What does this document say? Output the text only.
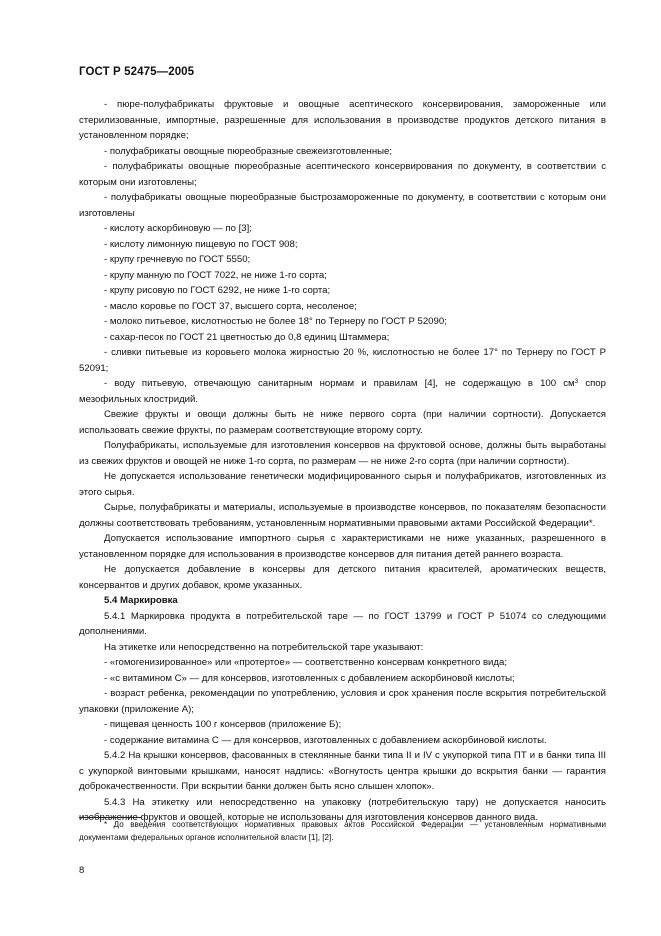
ГОСТ Р 52475—2005

- пюре-полуфабрикаты фруктовые и овощные асептического консервирования, замороженные или стерилизованные, импортные, разрешенные для использования в производстве продуктов детского питания в установленном порядке;

- полуфабрикаты овощные пюреобразные свежеизготовленные;

- полуфабрикаты овощные пюреобразные асептического консервирования по документу, в соответствии с которым они изготовлены;

- полуфабрикаты овощные пюреобразные быстрозамороженные по документу, в соответствии с которым они изготовлены

- кислоту аскорбиновую — по [3];

- кислоту лимонную пищевую по ГОСТ 908;

- крупу гречневую по ГОСТ 5550;

- крупу манную по ГОСТ 7022, не ниже 1-го сорта;

- крупу рисовую по ГОСТ 6292, не ниже 1-го сорта;

- масло коровье по ГОСТ 37, высшего сорта, несоленое;

- молоко питьевое, кислотностью не более 18° по Тернеру по ГОСТ Р 52090;

- сахар-песок по ГОСТ 21 цветностью до 0,8 единиц Штаммера;

- сливки питьевые из коровьего молока жирностью 20 %, кислотностью не более 17° по Тернеру по ГОСТ Р 52091;

- воду питьевую, отвечающую санитарным нормам и правилам [4], не содержащую в 100 $см^3$ спор мезофильных клостридий.

Свежие фрукты и овощи должны быть не ниже первого сорта (при наличии сортности). Допускается использовать свежие фрукты, по размерам соответствующие второму сорту.

Полуфабрикаты, используемые для изготовления консервов на фруктовой основе, должны быть выработаны из свежих фруктов и овощей не ниже 1-го сорта, по размерам — не ниже 2-го сорта (при наличии сортности).

Не допускается использование генетически модифицированного сырья и полуфабрикатов, изготовленных из этого сырья.

Сырье, полуфабрикаты и материалы, используемые в производстве консервов, по показателям безопасности должны соответствовать требованиям, установленным нормативными правовыми актами Российской Федерации*.

Допускается использование импортного сырья с характеристиками не ниже указанных, разрешенного в установленном порядке для использования в производстве консервов для питания детей раннего возраста.

Не допускается добавление в консервы для детского питания красителей, ароматических веществ, консервантов и других добавок, кроме указанных.

5.4 Маркировка

5.4.1 Маркировка продукта в потребительской таре — по ГОСТ 13799 и ГОСТ Р 51074 со следующими дополнениями.

На этикетке или непосредственно на потребительской таре указывают:

- «гомогенизированное» или «протертое» — соответственно консервам конкретного вида;

- «с витамином С» — для консервов, изготовленных с добавлением аскорбиновой кислоты;

- возраст ребенка, рекомендации по употреблению, условия и срок хранения после вскрытия потребительской упаковки (приложение А);

- пищевая ценность 100 г консервов (приложение Б);

- содержание витамина С — для консервов, изготовленных с добавлением аскорбиновой кислоты.

5.4.2 На крышки консервов, фасованных в стеклянные банки типа II и IV с укупоркой типа ПТ и в банки типа III с укупоркой винтовыми крышками, наносят надпись: «Вогнутость центра крышки до вскрытия банки — гарантия доброкачественности. При вскрытии банки должен быть ясно слышен хлопок».

5.4.3 На этикетку или непосредственно на упаковку (потребительскую тару) не допускается наносить изображение фруктов и овощей, которые не использованы для изготовления консервов данного вида.

* До введения соответствующих нормативных правовых актов Российской Федерации — установленным нормативными документами федеральных органов исполнительной власти [1], [2].

8
